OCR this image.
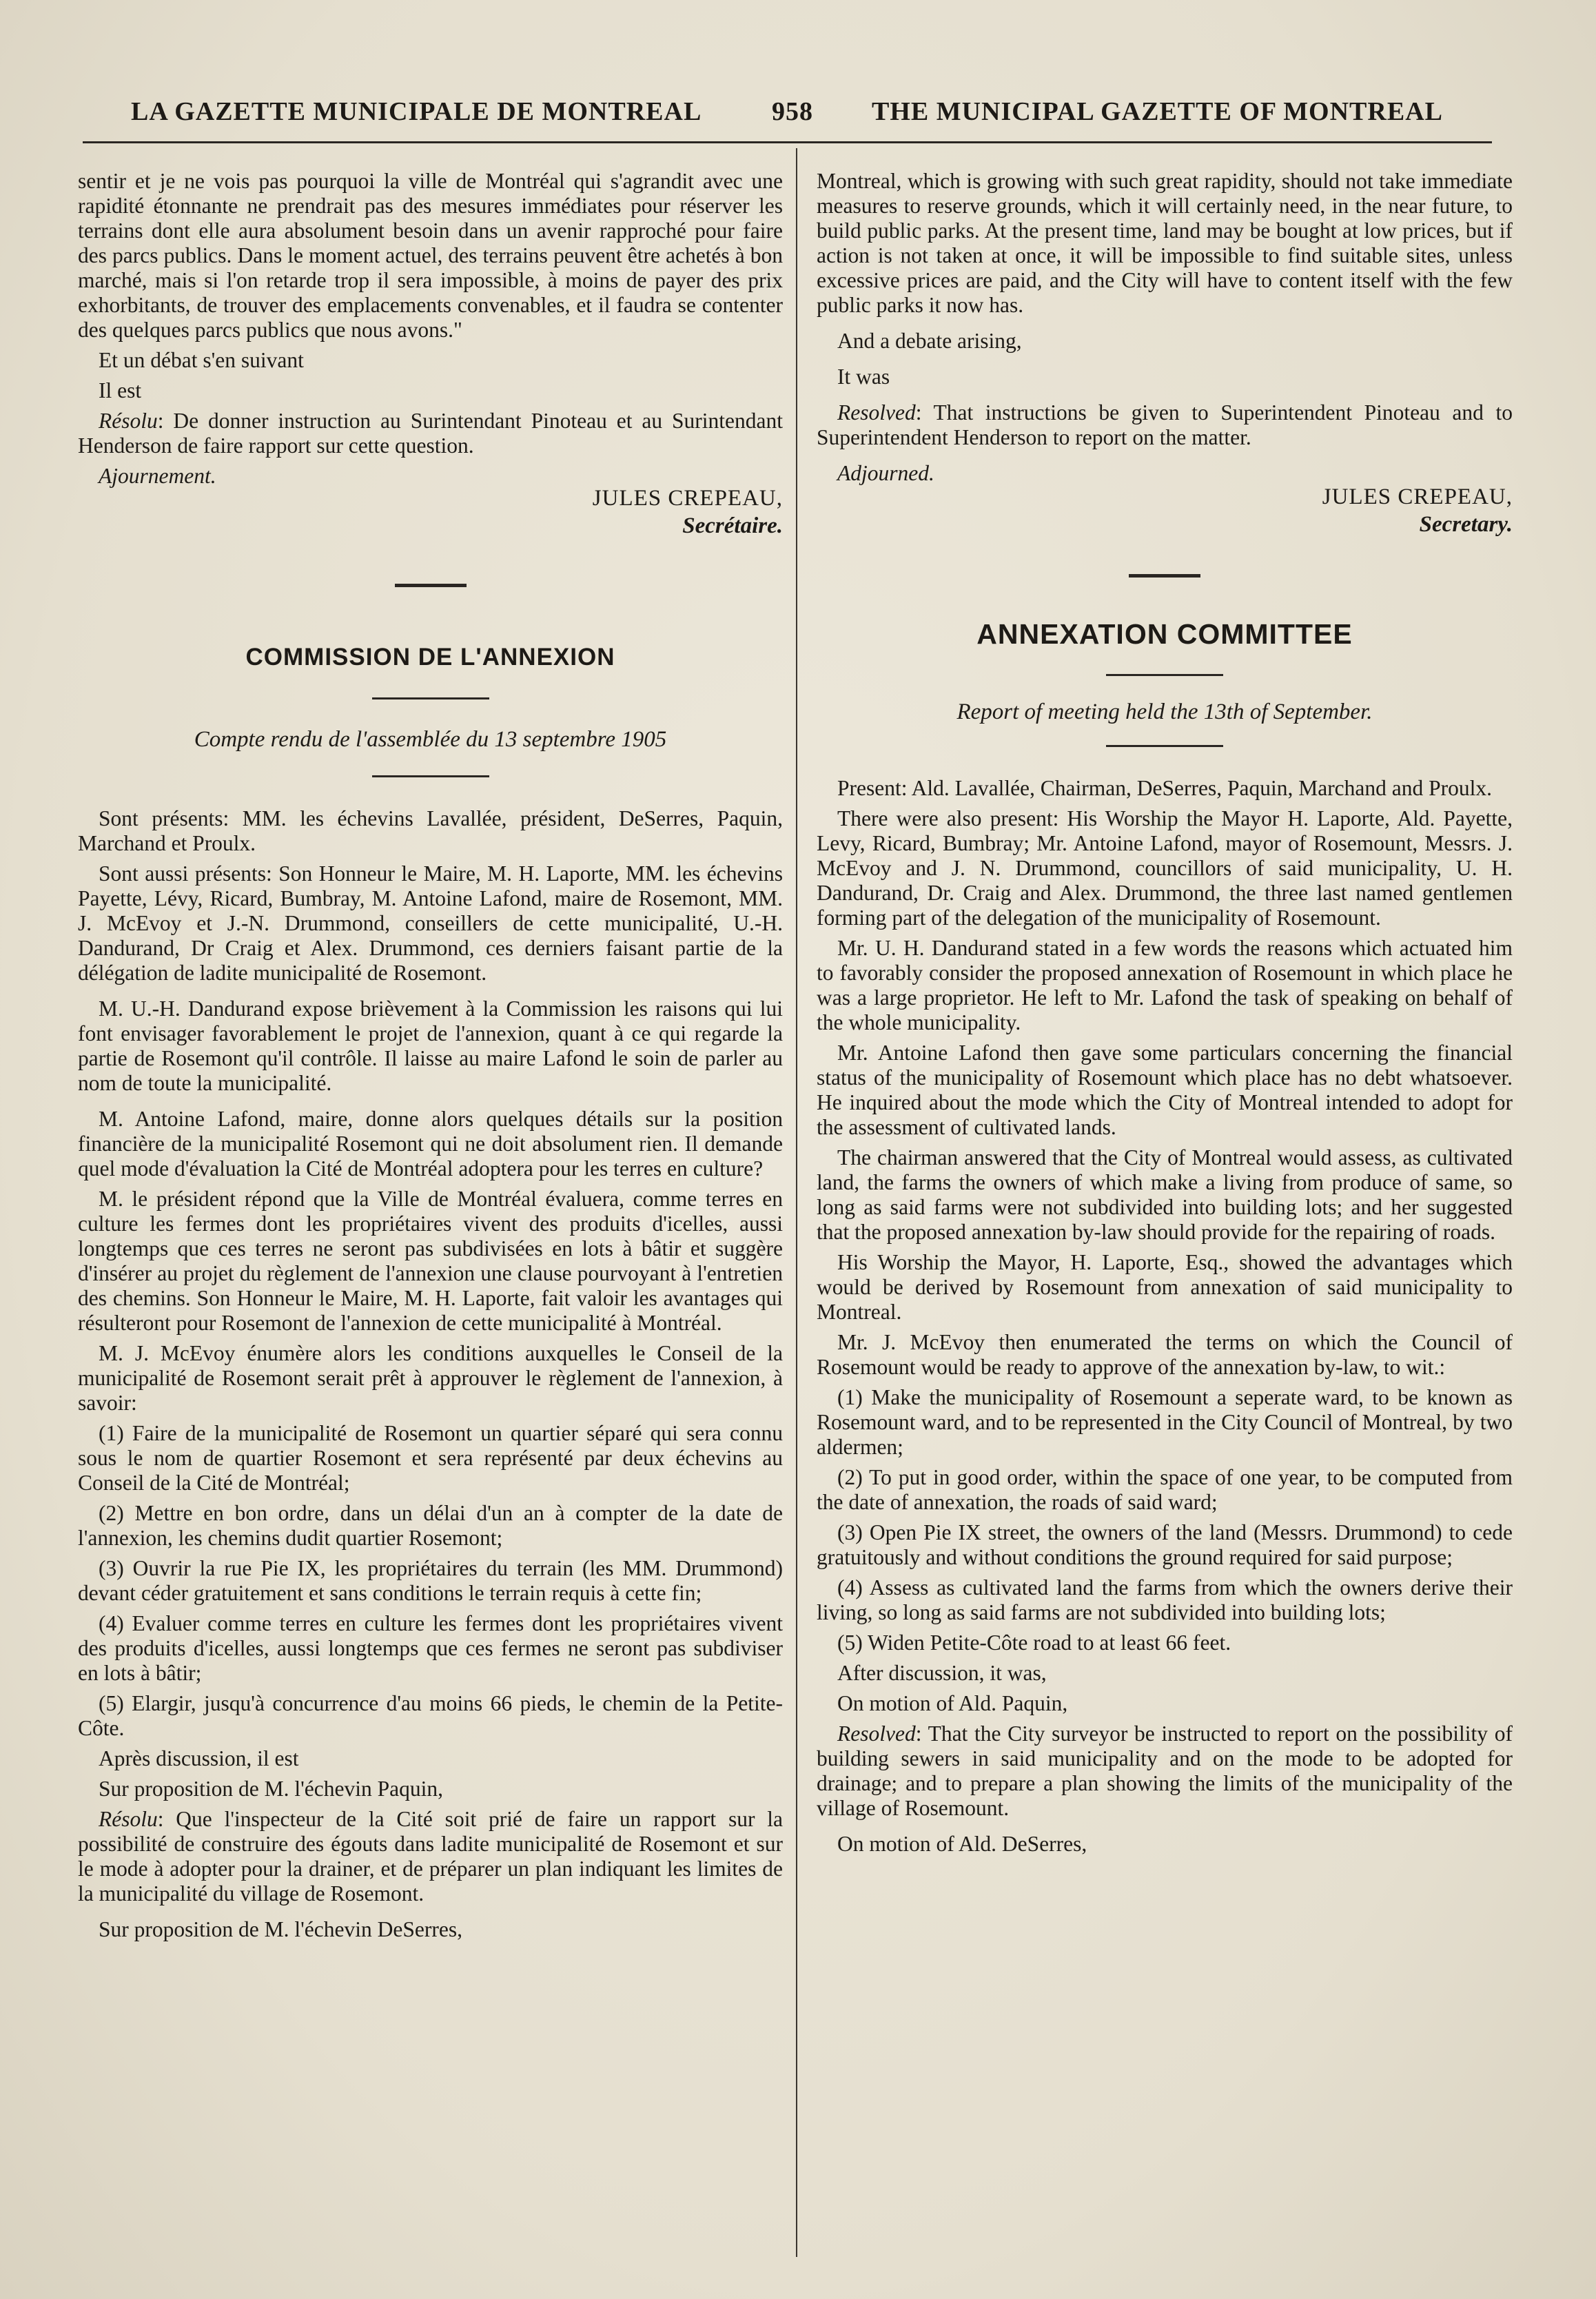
LA GAZETTE MUNICIPALE DE MONTREAL	958 THE MUNICIPAL GAZETTE OF MONTREAL

sentir et je ne vois pas pourquoi la ville de Montréal qui s'agrandit avec une rapidité étonnante ne prendrait pas des mesures immédiates pour réserver les terrains dont elle aura absolument besoin dans un avenir rapproché pour faire des parcs publics. Dans le moment actuel, des terrains peuvent être achetés à bon marché, mais si l'on retarde trop il sera impossible, à moins de payer des prix exhorbitants, de trouver des emplacements convenables, et il faudra se contenter des quelques parcs publics que nous avons."

Et un débat s'en suivant

Il est

Résolu: De donner instruction au Surintendant Pinoteau et au Surintendant Henderson de faire rapport sur cette question.

Ajournement.

JULES CREPEAU,
Secrétaire.
COMMISSION DE L'ANNEXION
Compte rendu de l'assemblée du 13 septembre 1905

Sont présents: MM. les échevins Lavallée, président, DeSerres, Paquin, Marchand et Proulx.

Sont aussi présents: Son Honneur le Maire, M. H. Laporte, MM. les échevins Payette, Lévy, Ricard, Bumbray, M. Antoine Lafond, maire de Rosemont, MM. J. McEvoy et J.-N. Drummond, conseillers de cette municipalité, U.-H. Dandurand, Dr Craig et Alex. Drummond, ces derniers faisant partie de la délégation de ladite municipalité de Rosemont.

M. U.-H. Dandurand expose brièvement à la Commission les raisons qui lui font envisager favorablement le projet de l'annexion, quant à ce qui regarde la partie de Rosemont qu'il contrôle. Il laisse au maire Lafond le soin de parler au nom de toute la municipalité.

M. Antoine Lafond, maire, donne alors quelques détails sur la position financière de la municipalité Rosemont qui ne doit absolument rien. Il demande quel mode d'évaluation la Cité de Montréal adoptera pour les terres en culture?

M. le président répond que la Ville de Montréal évaluera, comme terres en culture les fermes dont les propriétaires vivent des produits d'icelles, aussi longtemps que ces terres ne seront pas subdivisées en lots à bâtir et suggère d'insérer au projet du règlement de l'annexion une clause pourvoyant à l'entretien des chemins. Son Honneur le Maire, M. H. Laporte, fait valoir les avantages qui résulteront pour Rosemont de l'annexion de cette municipalité à Montréal.

M. J. McEvoy énumère alors les conditions auxquelles le Conseil de la municipalité de Rosemont serait prêt à approuver le règlement de l'annexion, à savoir:

(1) Faire de la municipalité de Rosemont un quartier séparé qui sera connu sous le nom de quartier Rosemont et sera représenté par deux échevins au Conseil de la Cité de Montréal;

(2) Mettre en bon ordre, dans un délai d'un an à compter de la date de l'annexion, les chemins dudit quartier Rosemont;

(3) Ouvrir la rue Pie IX, les propriétaires du terrain (les MM. Drummond) devant céder gratuitement et sans conditions le terrain requis à cette fin;

(4) Evaluer comme terres en culture les fermes dont les propriétaires vivent des produits d'icelles, aussi longtemps que ces fermes ne seront pas subdiviser en lots à bâtir;

(5) Elargir, jusqu'à concurrence d'au moins 66 pieds, le chemin de la Petite-Côte.

Après discussion, il est

Sur proposition de M. l'échevin Paquin,

Résolu: Que l'inspecteur de la Cité soit prié de faire un rapport sur la possibilité de construire des égouts dans ladite municipalité de Rosemont et sur le mode à adopter pour la drainer, et de préparer un plan indiquant les limites de la municipalité du village de Rosemont.

Sur proposition de M. l'échevin DeSerres,

Montreal, which is growing with such great rapidity, should not take immediate measures to reserve grounds, which it will certainly need, in the near future, to build public parks. At the present time, land may be bought at low prices, but if action is not taken at once, it will be impossible to find suitable sites, unless excessive prices are paid, and the City will have to content itself with the few public parks it now has.

And a debate arising,

It was

Resolved: That instructions be given to Superintendent Pinoteau and to Superintendent Henderson to report on the matter.

Adjourned.

JULES CREPEAU,
Secretary.
ANNEXATION COMMITTEE
Report of meeting held the 13th of September.

Present: Ald. Lavallée, Chairman, DeSerres, Paquin, Marchand and Proulx.

There were also present: His Worship the Mayor H. Laporte, Ald. Payette, Levy, Ricard, Bumbray; Mr. Antoine Lafond, mayor of Rosemount, Messrs. J. McEvoy and J. N. Drummond, councillors of said municipality, U. H. Dandurand, Dr. Craig and Alex. Drummond, the three last named gentlemen forming part of the delegation of the municipality of Rosemount.

Mr. U. H. Dandurand stated in a few words the reasons which actuated him to favorably consider the proposed annexation of Rosemount in which place he was a large proprietor. He left to Mr. Lafond the task of speaking on behalf of the whole municipality.

Mr. Antoine Lafond then gave some particulars concerning the financial status of the municipality of Rosemount which place has no debt whatsoever. He inquired about the mode which the City of Montreal intended to adopt for the assessment of cultivated lands.

The chairman answered that the City of Montreal would assess, as cultivated land, the farms the owners of which make a living from produce of same, so long as said farms were not subdivided into building lots; and her suggested that the proposed annexation by-law should provide for the repairing of roads.

His Worship the Mayor, H. Laporte, Esq., showed the advantages which would be derived by Rosemount from annexation of said municipality to Montreal.

Mr. J. McEvoy then enumerated the terms on which the Council of Rosemount would be ready to approve of the annexation by-law, to wit.:

(1) Make the municipality of Rosemount a seperate ward, to be known as Rosemount ward, and to be represented in the City Council of Montreal, by two aldermen;

(2) To put in good order, within the space of one year, to be computed from the date of annexation, the roads of said ward;

(3) Open Pie IX street, the owners of the land (Messrs. Drummond) to cede gratuitously and without conditions the ground required for said purpose;

(4) Assess as cultivated land the farms from which the owners derive their living, so long as said farms are not subdivided into building lots;

(5) Widen Petite-Côte road to at least 66 feet.

After discussion, it was,

On motion of Ald. Paquin,

Resolved: That the City surveyor be instructed to report on the possibility of building sewers in said municipality and on the mode to be adopted for drainage; and to prepare a plan showing the limits of the municipality of the village of Rosemount.

On motion of Ald. DeSerres,
